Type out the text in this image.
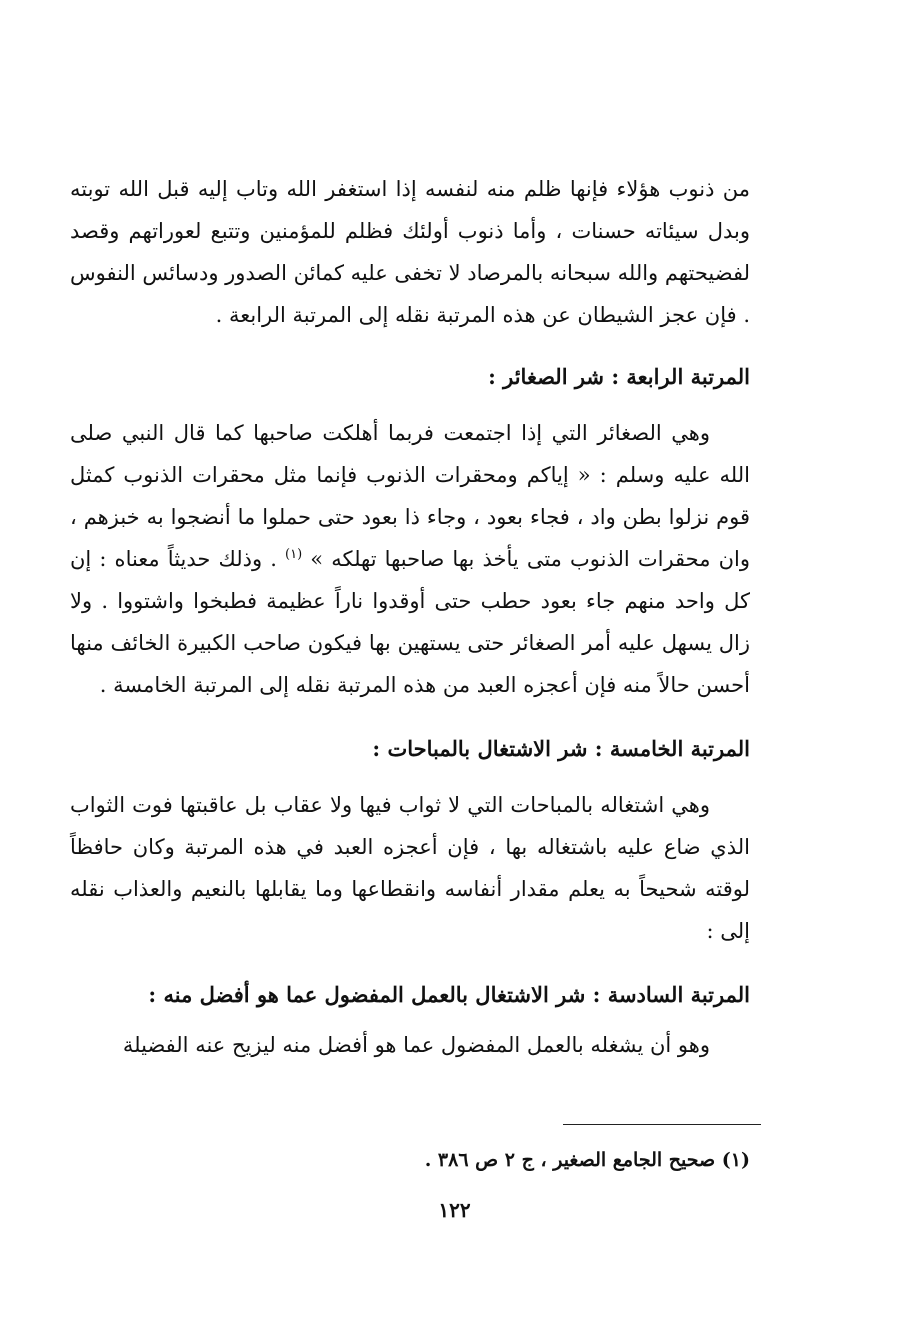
من ذنوب هؤلاء فإنها ظلم منه لنفسه إذا استغفر الله وتاب إليه قبل الله توبته وبدل سيئاته حسنات ، وأما ذنوب أولئك فظلم للمؤمنين وتتبع لعوراتهم وقصد لفضيحتهم والله سبحانه بالمرصاد لا تخفى عليه كمائن الصدور ودسائس النفوس . فإن عجز الشيطان عن هذه المرتبة نقله إلى المرتبة الرابعة .

المرتبة الرابعة : شر الصغائر :

وهي الصغائر التي إذا اجتمعت فربما أهلكت صاحبها كما قال النبي صلى الله عليه وسلم : « إياكم ومحقرات الذنوب فإنما مثل محقرات الذنوب كمثل قوم نزلوا بطن واد ، فجاء بعود ، وجاء ذا بعود حتى حملوا ما أنضجوا به خبزهم ، وان محقرات الذنوب متى يأخذ بها صاحبها تهلكه » $^{(١)}$ . وذلك حديثاً معناه : إن كل واحد منهم جاء بعود حطب حتى أوقدوا ناراً عظيمة فطبخوا واشتووا . ولا زال يسهل عليه أمر الصغائر حتى يستهين بها فيكون صاحب الكبيرة الخائف منها أحسن حالاً منه فإن أعجزه العبد من هذه المرتبة نقله إلى المرتبة الخامسة .

المرتبة الخامسة : شر الاشتغال بالمباحات :

وهي اشتغاله بالمباحات التي لا ثواب فيها ولا عقاب بل عاقبتها فوت الثواب الذي ضاع عليه باشتغاله بها ، فإن أعجزه العبد في هذه المرتبة وكان حافظاً لوقته شحيحاً به يعلم مقدار أنفاسه وانقطاعها وما يقابلها بالنعيم والعذاب نقله إلى :

المرتبة السادسة : شر الاشتغال بالعمل المفضول عما هو أفضل منه :

وهو أن يشغله بالعمل المفضول عما هو أفضل منه ليزيح عنه الفضيلة

(١) صحيح الجامع الصغير ، ج ٢ ص ٣٨٦ .

١٢٢
